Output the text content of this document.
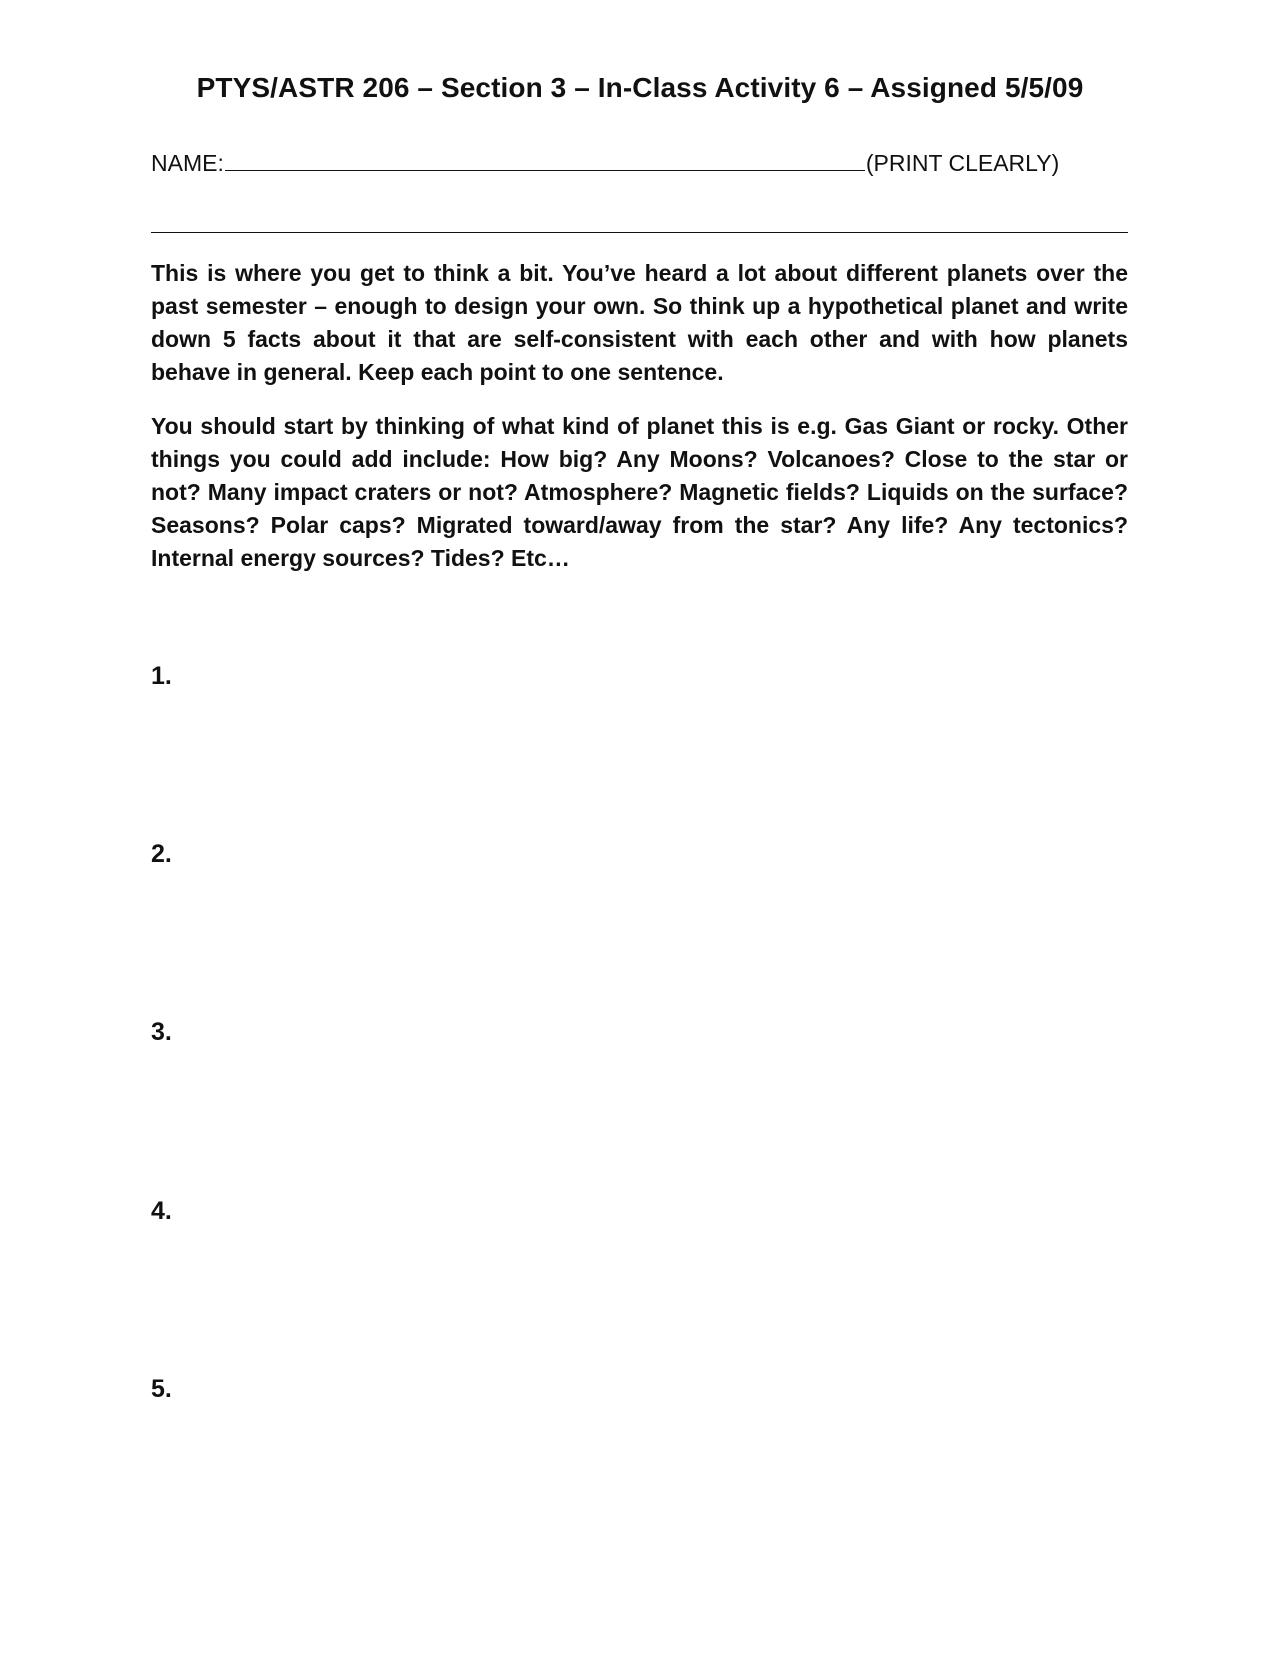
PTYS/ASTR 206 – Section 3 – In-Class Activity 6 – Assigned 5/5/09
NAME:	(PRINT CLEARLY)

This is where you get to think a bit. You’ve heard a lot about different planets over the past semester – enough to design your own. So think up a hypothetical planet and write down 5 facts about it that are self-consistent with each other and with how planets behave in general. Keep each point to one sentence.

You should start by thinking of what kind of planet this is e.g. Gas Giant or rocky. Other things you could add include: How big? Any Moons? Volcanoes? Close to the star or not? Many impact craters or not? Atmosphere? Magnetic fields? Liquids on the surface? Seasons? Polar caps? Migrated toward/away from the star? Any life? Any tectonics? Internal energy sources? Tides? Etc…

1.
2.
3.
4.
5.
